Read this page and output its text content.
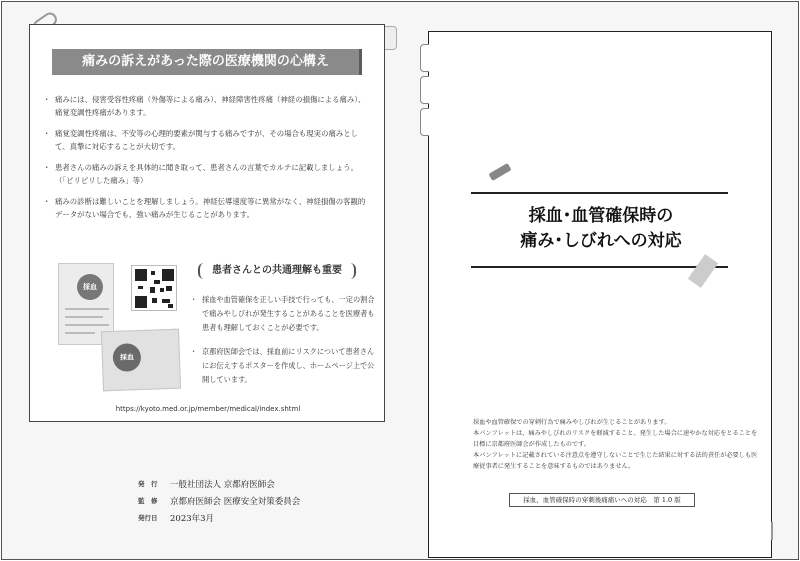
痛みの訴えがあった際の医療機関の心構え
・ 痛みには、侵害受容性疼痛（外傷等による痛み）、神経障害性疼痛（神経の損傷による痛み）、痛覚変調性疼痛があります。
・ 痛覚変調性疼痛は、不安等の心理的要素が関与する痛みですが、その場合も現実の痛みとして、真摯に対応することが大切です。
・ 患者さんの痛みの訴えを具体的に聞き取って、患者さんの言葉でカルテに記載しましょう。（「ピリピリした痛み」等）
・ 痛みの診断は難しいことを理解しましょう。神経伝導速度等に異常がなく、神経損傷の客観的データがない場合でも、強い痛みが生じることがあります。
採血
採血
患者さんとの共通理解も重要
・ 採血や血管確保を正しい手技で行っても、一定の割合で痛みやしびれが発生することがあることを医療者も患者も理解しておくことが必要です。
・ 京都府医師会では、採血前にリスクについて患者さんにお伝えするポスターを作成し、ホームページ上で公開しています。
https://kyoto.med.or.jp/member/medical/index.shtml
発　行	一般社団法人 京都府医師会
監　修	京都府医師会 医療安全対策委員会
発行日	2023年3月
採血･血管確保時の
痛み･しびれへの対応

採血や血管確保での穿刺行為で痛みやしびれが生じることがあります。

本パンフレットは、痛みやしびれのリスクを軽減すること、発生した場合に速やかな対応をとることを目標に京都府医師会が作成したものです。

本パンフレットに記載されている注意点を遵守しないことで生じた結果に対する法的責任が必要しも医療従事者に発生することを意味するものではありません。

採血、血管確保時の穿刺後痛痛いへの対応　第 1.0 版
